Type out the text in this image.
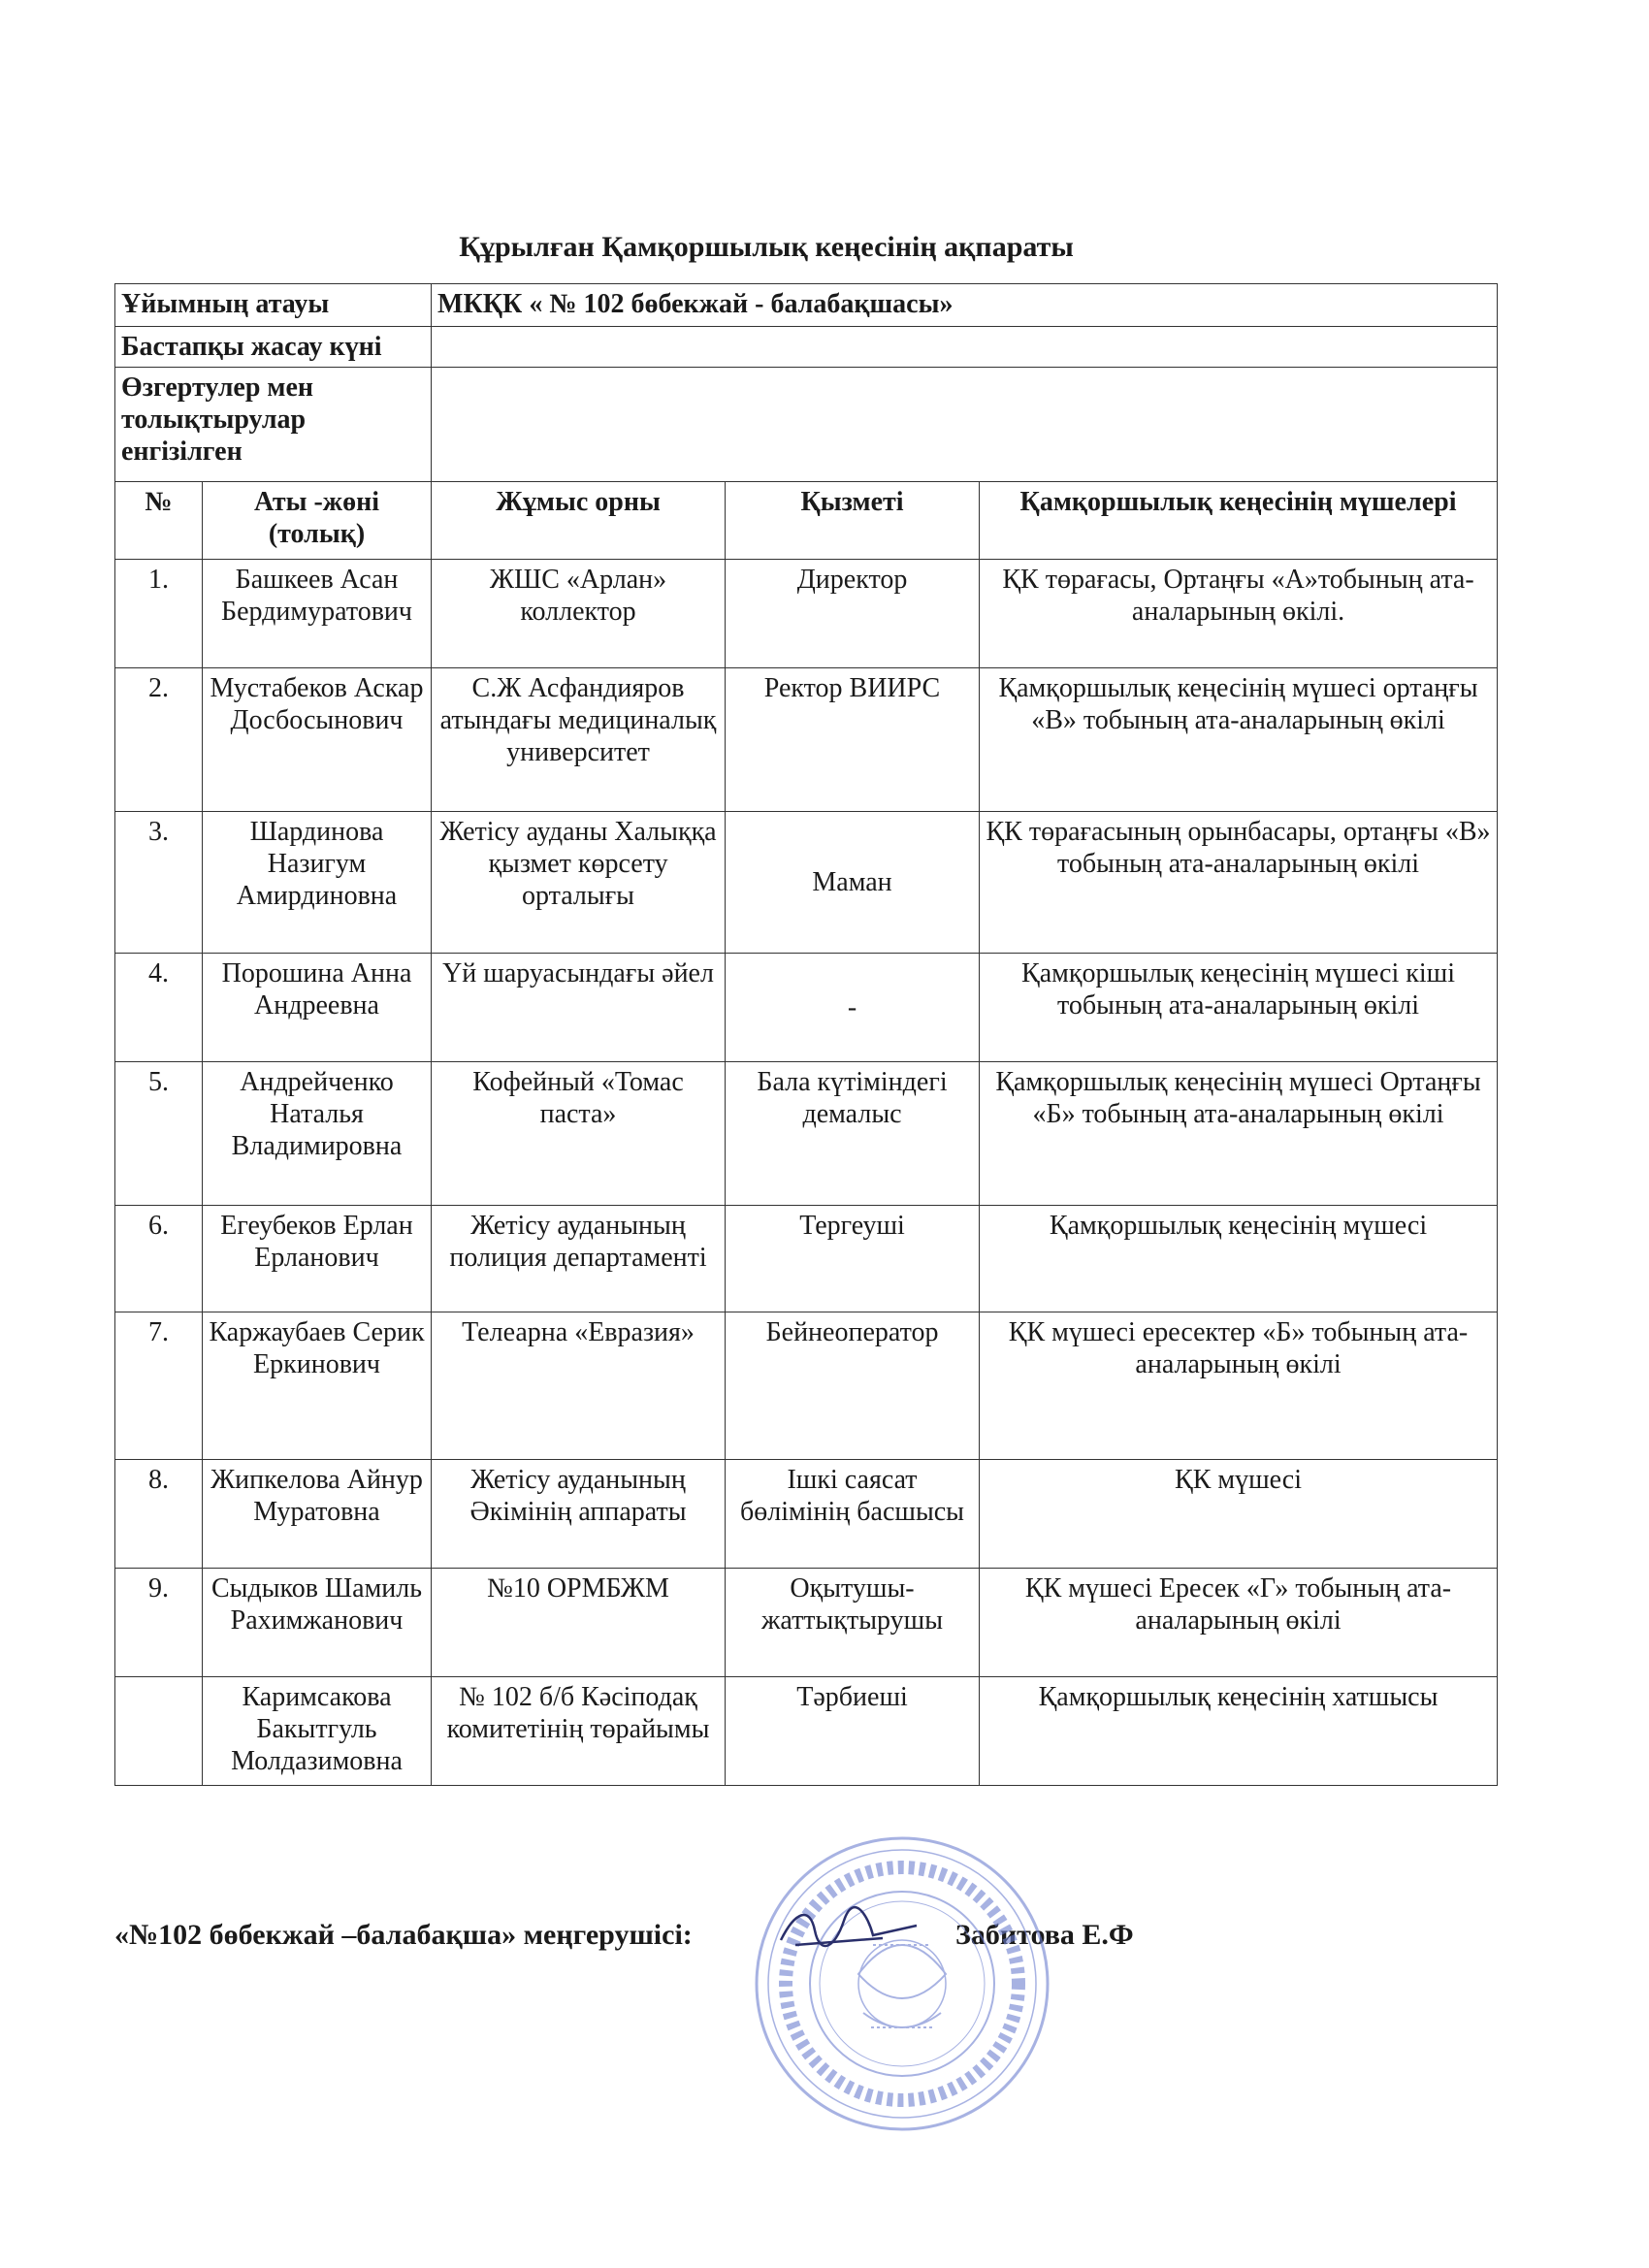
Құрылған Қамқоршылық кеңесінің ақпараты
Ұйымның атауы		МКҚК « № 102 бөбекжай - балабақшасы»		
Бастапқы жасау күні				
Өзгертулер мен толықтырулар енгізілген				
№	Аты -жөні (толық)	Жұмыс орны	Қызметі	Қамқоршылық кеңесінің мүшелері
1.	Башкеев Асан Бердимуратович	ЖШС «Арлан» коллектор	Директор	ҚК төрағасы, Ортаңғы «А»тобының ата-аналарының өкілі.
2.	Мустабеков Аскар Досбосынович	С.Ж Асфандияров атындағы медициналық университет	Ректор ВИИРС	Қамқоршылық кеңесінің мүшесі ортаңғы «В» тобының ата-аналарының өкілі
3.	Шардинова Назигум Амирдиновна	Жетісу ауданы Халыққа қызмет көрсету орталығы	Маман	ҚК төрағасының орынбасары, ортаңғы «В» тобының ата-аналарының өкілі
4.	Порошина Анна Андреевна	Үй шаруасындағы әйел	-	Қамқоршылық кеңесінің мүшесі кіші тобының ата-аналарының өкілі
5.	Андрейченко Наталья Владимировна	Кофейный «Томас паста»	Бала күтіміндегі демалыс	Қамқоршылық кеңесінің мүшесі Ортаңғы «Б» тобының ата-аналарының өкілі
6.	Егеубеков Ерлан Ерланович	Жетісу ауданының полиция департаменті	Тергеуші	Қамқоршылық кеңесінің мүшесі
7.	Каржаубаев Серик Еркинович	Телеарна «Евразия»	Бейнеоператор	ҚК мүшесі ересектер «Б» тобының ата-аналарының өкілі
8.	Жипкелова Айнур Муратовна	Жетісу ауданының Әкімінің аппараты	Ішкі саясат бөлімінің басшысы	ҚК мүшесі
9.	Сыдыков Шамиль Рахимжанович	№10 ОРМБЖМ	Оқытушы-жаттықтырушы	ҚК мүшесі Ересек «Г» тобының ата-аналарының өкілі
	Каримсакова Бакытгуль Молдазимовна	№ 102 б/б Кәсіподақ комитетінің төрайымы	Тәрбиеші	Қамқоршылық кеңесінің хатшысы
«№102 бөбекжай –балабақша» меңгерушісі:	Забитова Е.Ф
